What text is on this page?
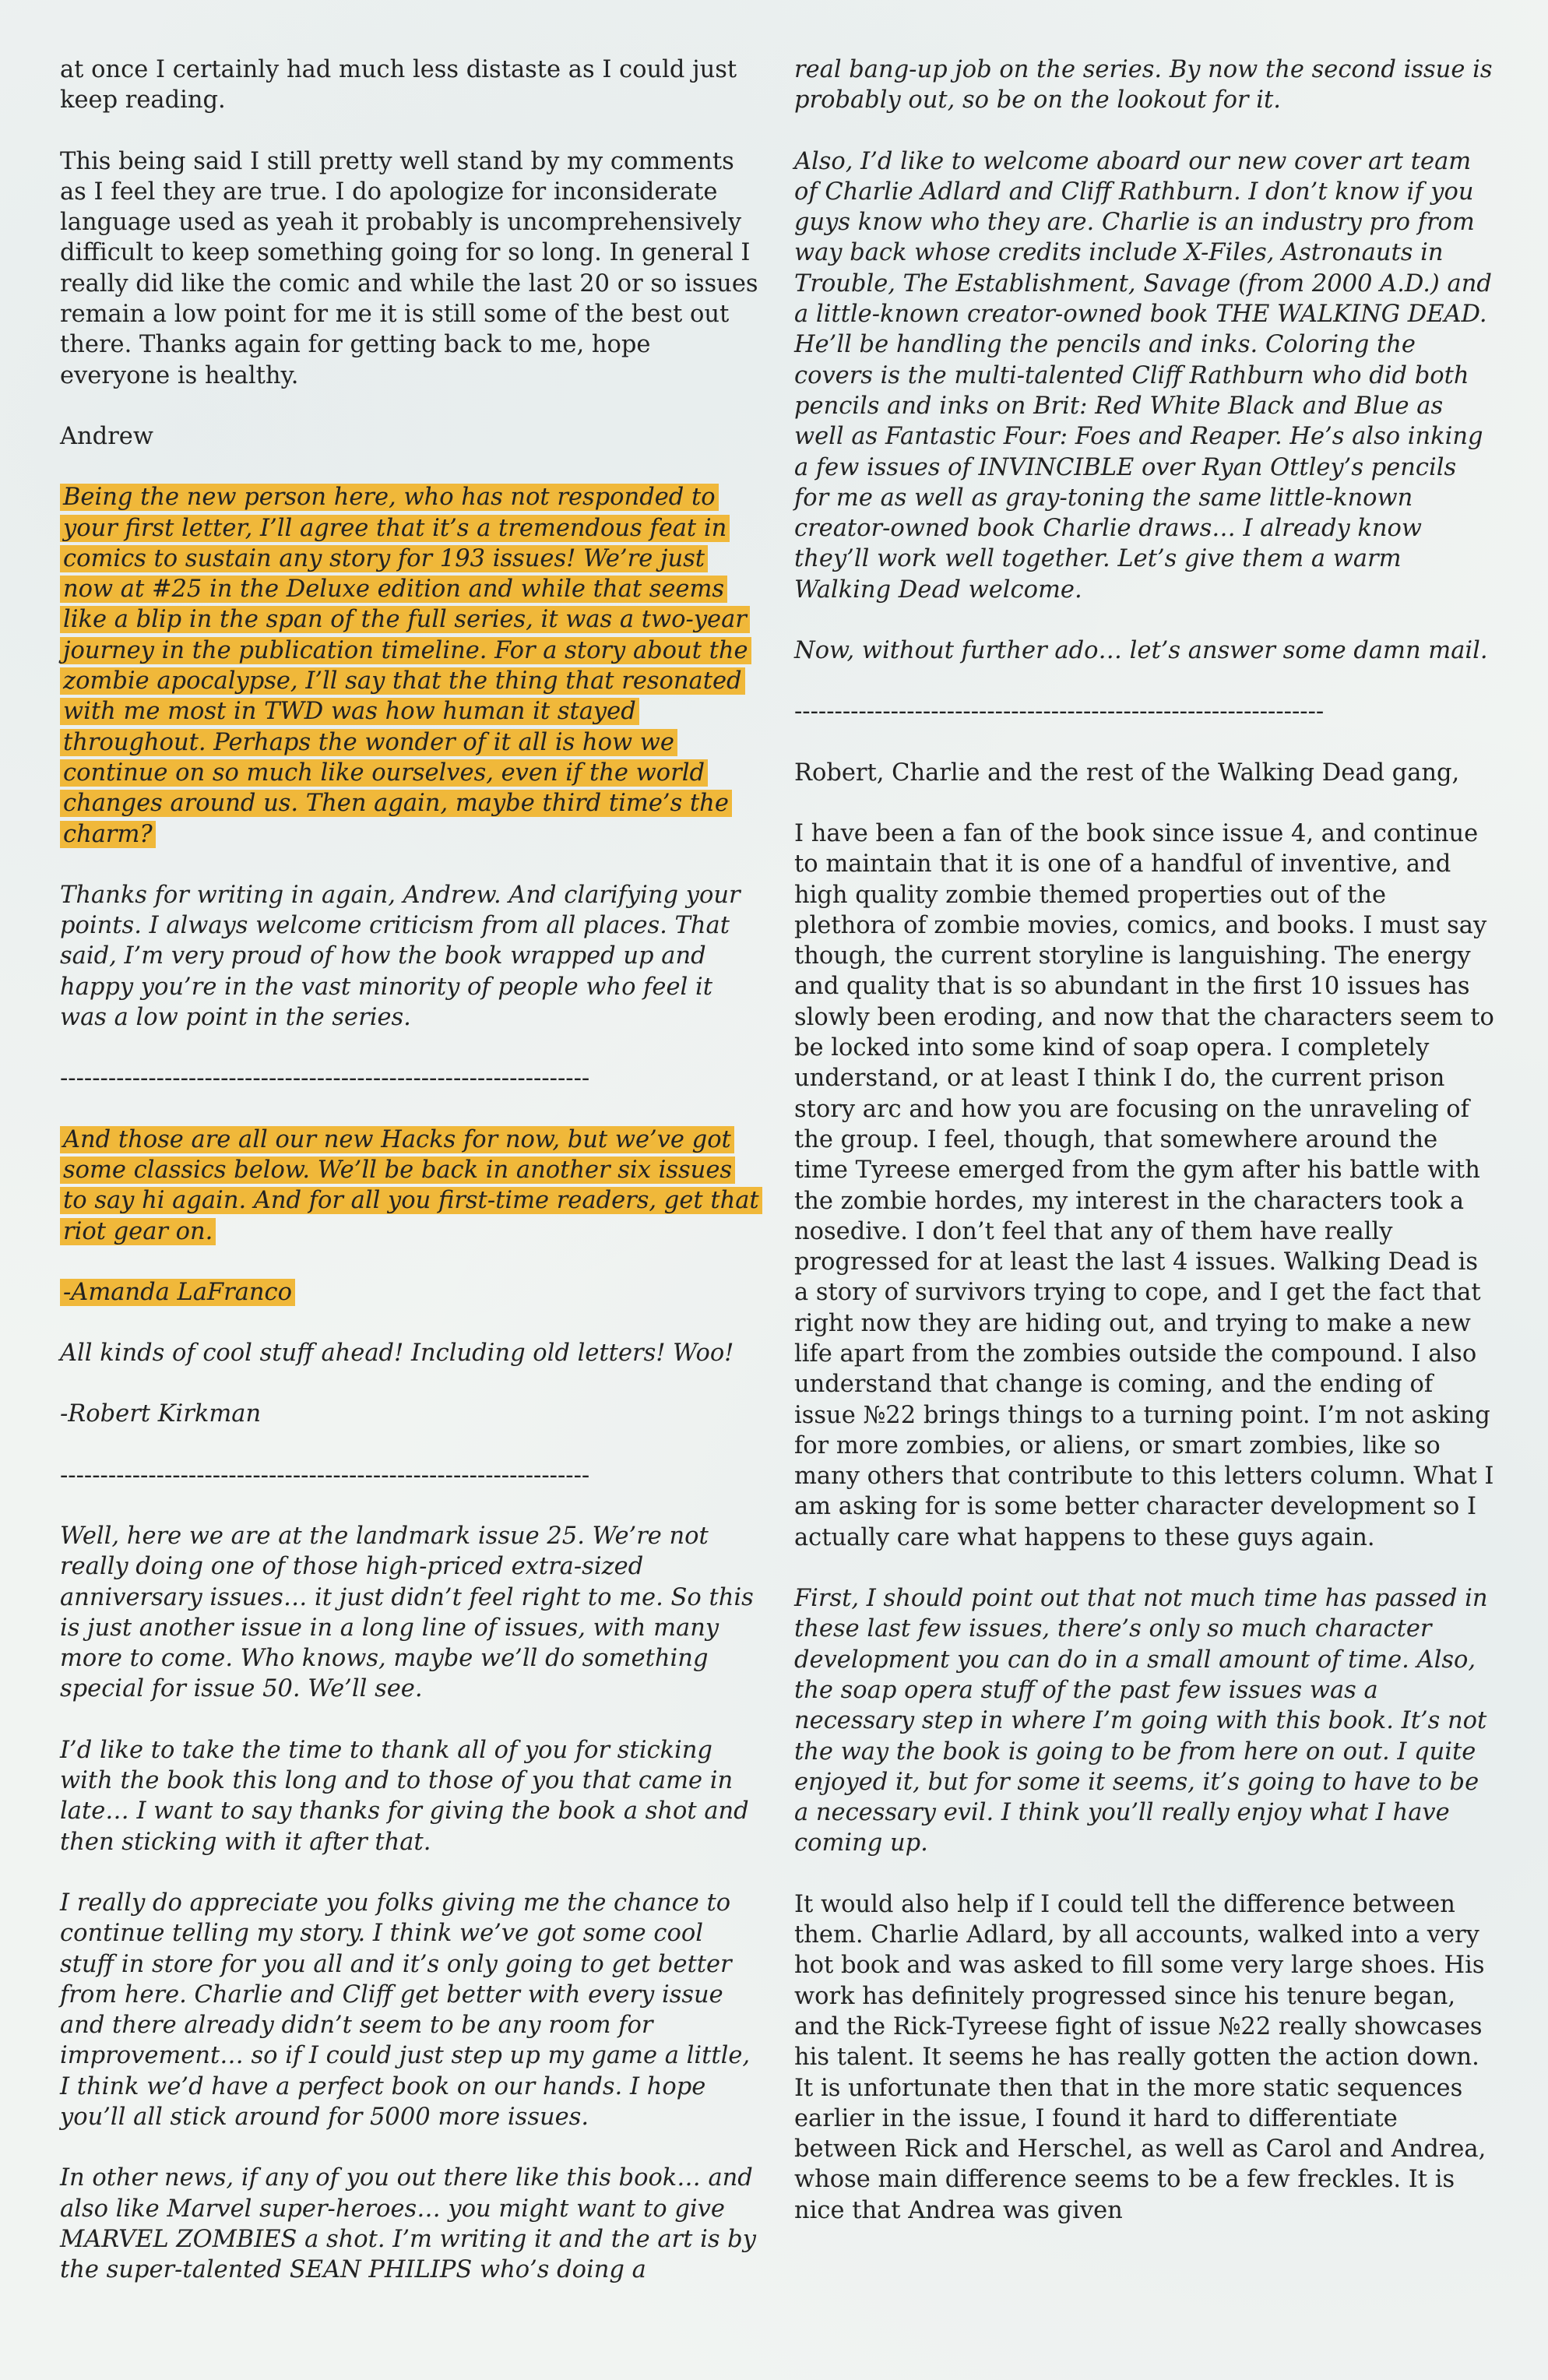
at once I certainly had much less distaste as I could just keep reading.

This being said I still pretty well stand by my comments as I feel they are true. I do apologize for inconsiderate language used as yeah it probably is uncomprehensively difficult to keep something going for so long. In general I really did like the comic and while the last 20 or so issues remain a low point for me it is still some of the best out there. Thanks again for getting back to me, hope everyone is healthy.

Andrew

Being the new person here, who has not responded to your first letter, I’ll agree that it’s a tremendous feat in comics to sustain any story for 193 issues! We’re just now at #25 in the Deluxe edition and while that seems like a blip in the span of the full series, it was a two-year journey in the publication timeline. For a story about the zombie apocalypse, I’ll say that the thing that resonated with me most in TWD was how human it stayed throughout. Perhaps the wonder of it all is how we continue on so much like ourselves, even if the world changes around us. Then again, maybe third time’s the charm?

Thanks for writing in again, Andrew. And clarifying your points. I always welcome criticism from all places. That said, I’m very proud of how the book wrapped up and happy you’re in the vast minority of people who feel it was a low point in the series.

------------------------------------------------------------------

And those are all our new Hacks for now, but we’ve got some classics below. We’ll be back in another six issues to say hi again. And for all you first-time readers, get that riot gear on.

-Amanda LaFranco

All kinds of cool stuff ahead! Including old letters! Woo!

-Robert Kirkman

------------------------------------------------------------------

Well, here we are at the landmark issue 25. We’re not really doing one of those high-priced extra-sized anniversary issues… it just didn’t feel right to me. So this is just another issue in a long line of issues, with many more to come. Who knows, maybe we’ll do something special for issue 50. We’ll see.

I’d like to take the time to thank all of you for sticking with the book this long and to those of you that came in late… I want to say thanks for giving the book a shot and then sticking with it after that.

I really do appreciate you folks giving me the chance to continue telling my story. I think we’ve got some cool stuff in store for you all and it’s only going to get better from here. Charlie and Cliff get better with every issue and there already didn’t seem to be any room for improvement… so if I could just step up my game a little, I think we’d have a perfect book on our hands. I hope you’ll all stick around for 5000 more issues.

In other news, if any of you out there like this book… and also like Marvel super-heroes… you might want to give MARVEL ZOMBIES a shot. I’m writing it and the art is by the super-talented SEAN PHILIPS who’s doing a

real bang-up job on the series. By now the second issue is probably out, so be on the lookout for it.

Also, I’d like to welcome aboard our new cover art team of Charlie Adlard and Cliff Rathburn. I don’t know if you guys know who they are. Charlie is an industry pro from way back whose credits include X-Files, Astronauts in Trouble, The Establishment, Savage (from 2000 A.D.) and a little-known creator-owned book THE WALKING DEAD. He’ll be handling the pencils and inks. Coloring the covers is the multi-talented Cliff Rathburn who did both pencils and inks on Brit: Red White Black and Blue as well as Fantastic Four: Foes and Reaper. He’s also inking a few issues of INVINCIBLE over Ryan Ottley’s pencils for me as well as gray-toning the same little-known creator-owned book Charlie draws… I already know they’ll work well together. Let’s give them a warm Walking Dead welcome.

Now, without further ado… let’s answer some damn mail.

------------------------------------------------------------------

Robert, Charlie and the rest of the Walking Dead gang,

I have been a fan of the book since issue 4, and continue to maintain that it is one of a handful of inventive, and high quality zombie themed properties out of the plethora of zombie movies, comics, and books. I must say though, the current storyline is languishing. The energy and quality that is so abundant in the first 10 issues has slowly been eroding, and now that the characters seem to be locked into some kind of soap opera. I completely understand, or at least I think I do, the current prison story arc and how you are focusing on the unraveling of the group. I feel, though, that somewhere around the time Tyreese emerged from the gym after his battle with the zombie hordes, my interest in the characters took a nosedive. I don’t feel that any of them have really progressed for at least the last 4 issues. Walking Dead is a story of survivors trying to cope, and I get the fact that right now they are hiding out, and trying to make a new life apart from the zombies outside the compound. I also understand that change is coming, and the ending of issue №22 brings things to a turning point. I’m not asking for more zombies, or aliens, or smart zombies, like so many others that contribute to this letters column. What I am asking for is some better character development so I actually care what happens to these guys again.

First, I should point out that not much time has passed in these last few issues, there’s only so much character development you can do in a small amount of time. Also, the soap opera stuff of the past few issues was a necessary step in where I’m going with this book. It’s not the way the book is going to be from here on out. I quite enjoyed it, but for some it seems, it’s going to have to be a necessary evil. I think you’ll really enjoy what I have coming up.

It would also help if I could tell the difference between them. Charlie Adlard, by all accounts, walked into a very hot book and was asked to fill some very large shoes. His work has definitely progressed since his tenure began, and the Rick-Tyreese fight of issue №22 really showcases his talent. It seems he has really gotten the action down. It is unfortunate then that in the more static sequences earlier in the issue, I found it hard to differentiate between Rick and Herschel, as well as Carol and Andrea, whose main difference seems to be a few freckles. It is nice that Andrea was given
